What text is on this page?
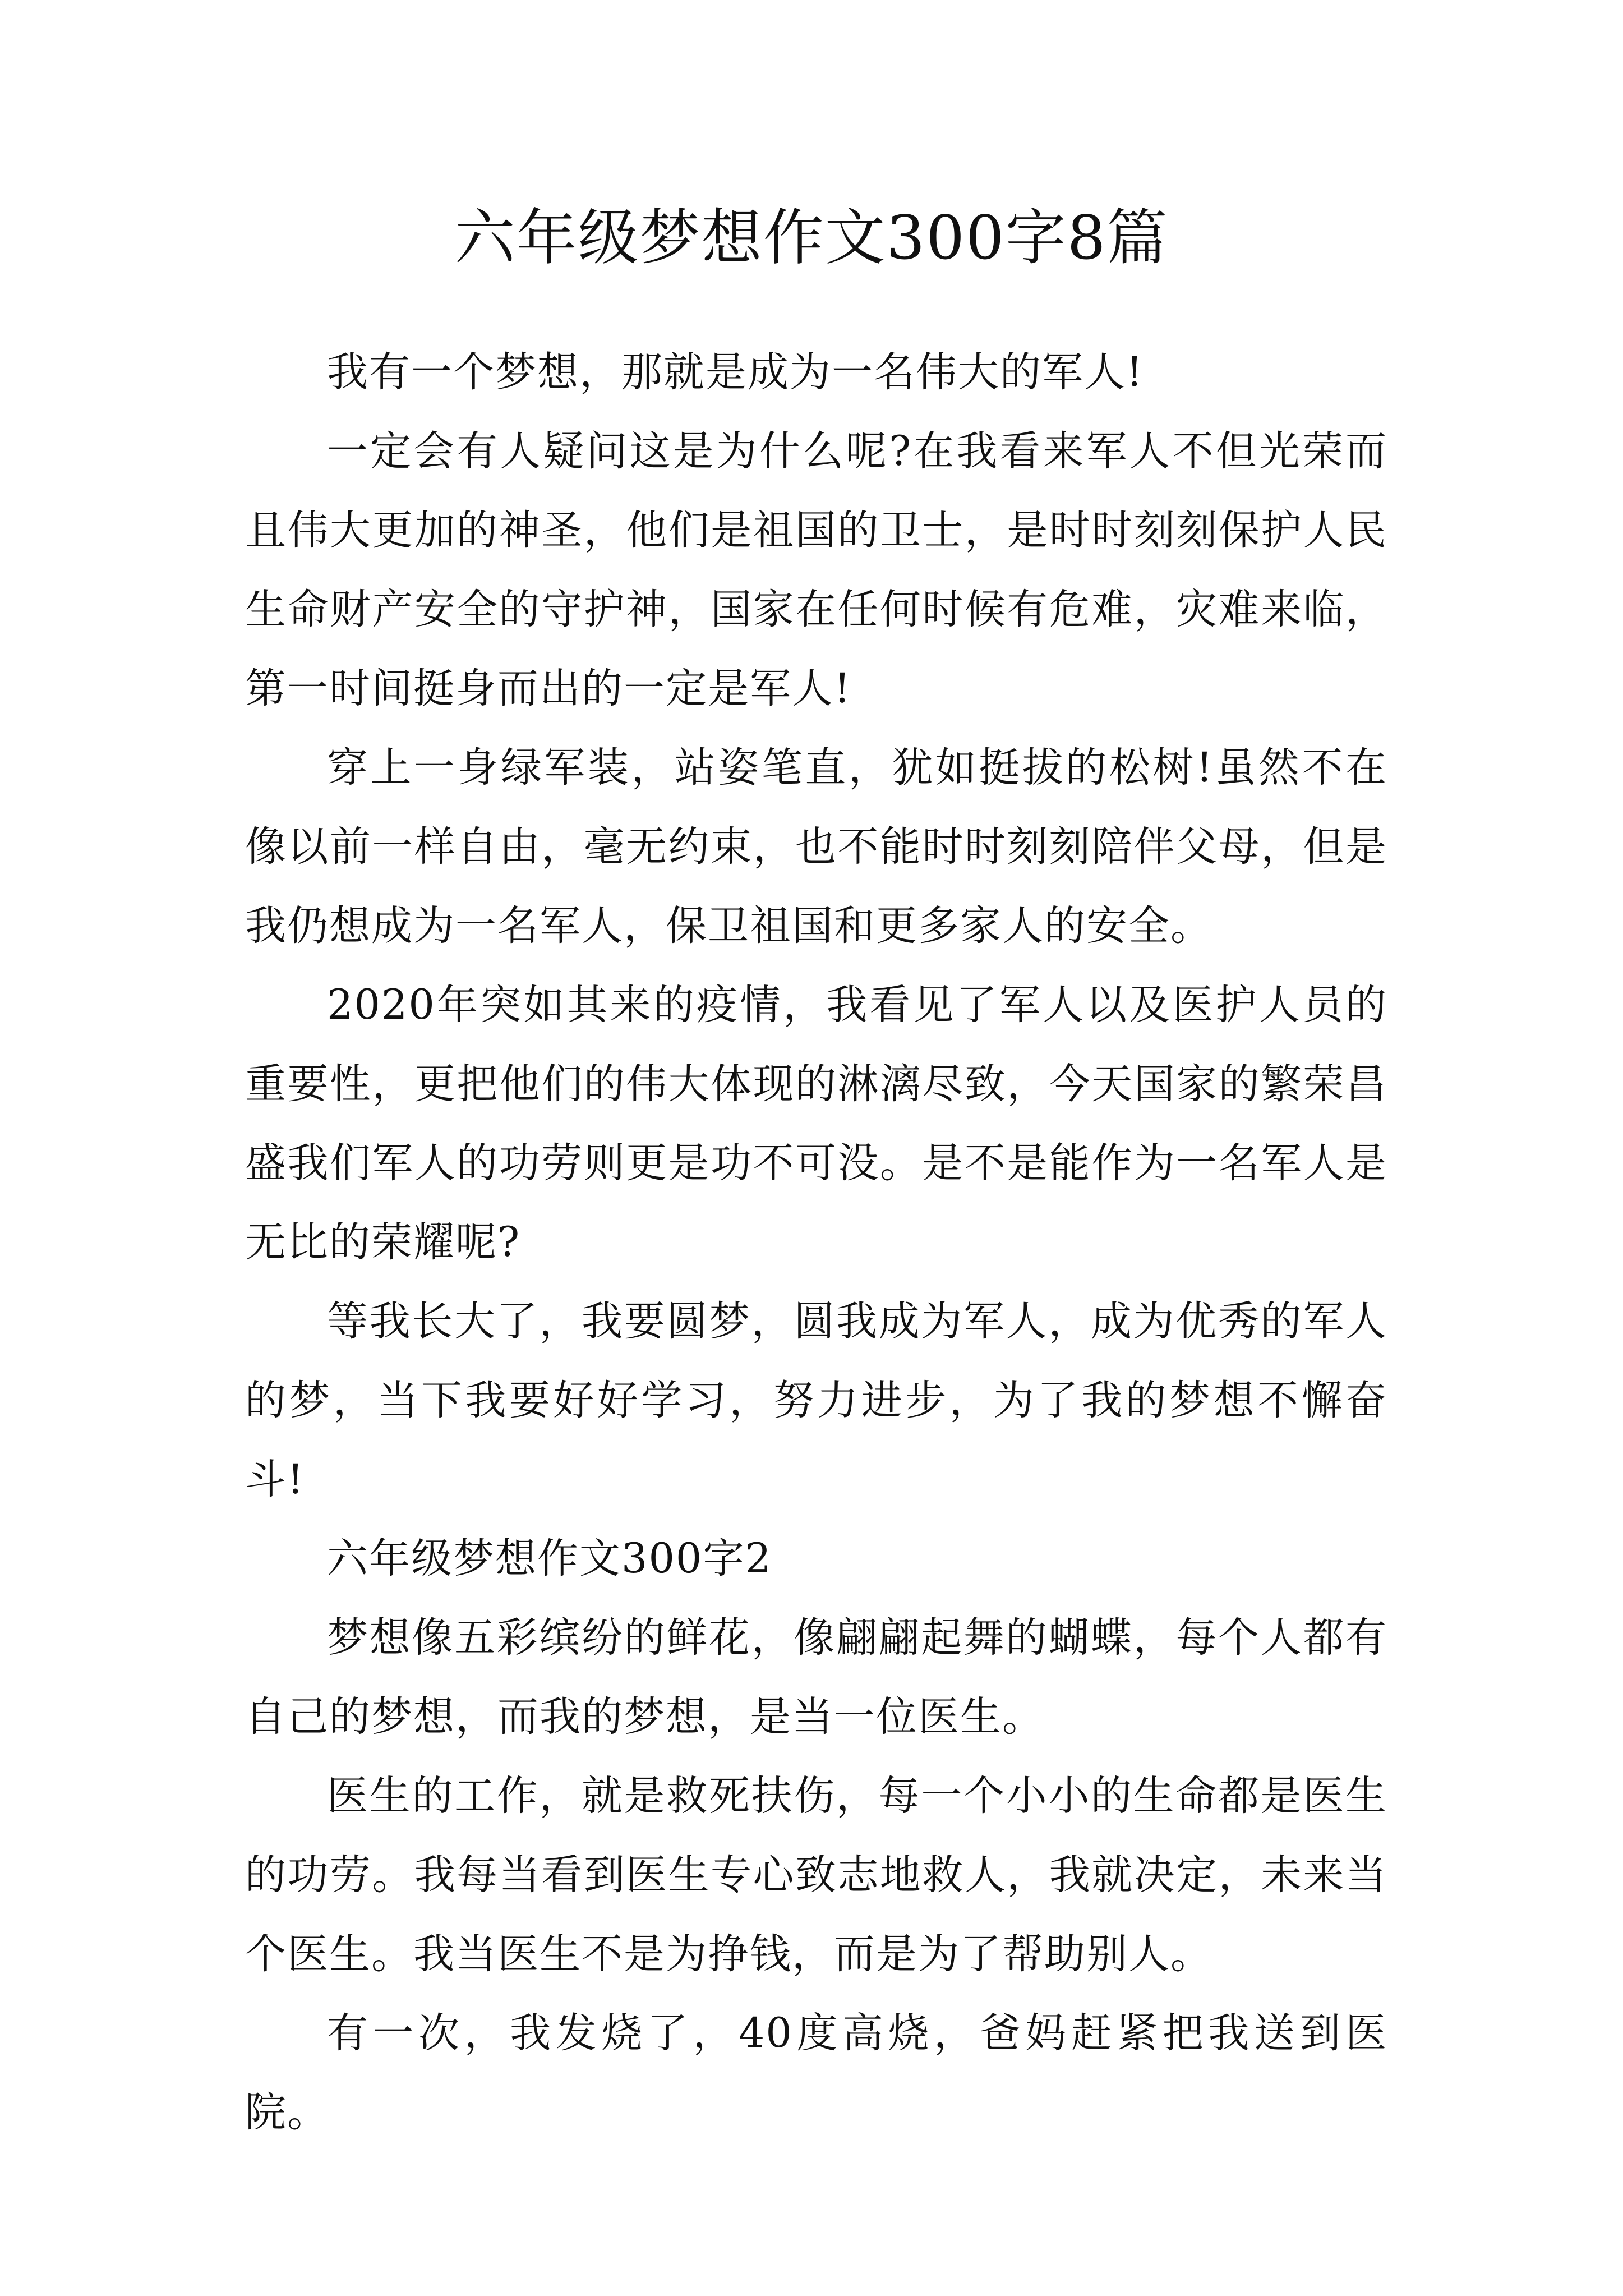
六年级梦想作文300字8篇

我有一个梦想，那就是成为一名伟大的军人!

一定会有人疑问这是为什么呢?在我看来军人不但光荣而且伟大更加的神圣，他们是祖国的卫士，是时时刻刻保护人民生命财产安全的守护神，国家在任何时候有危难，灾难来临，第一时间挺身而出的一定是军人!

穿上一身绿军装，站姿笔直，犹如挺拔的松树!虽然不在像以前一样自由，毫无约束，也不能时时刻刻陪伴父母，但是我仍想成为一名军人，保卫祖国和更多家人的安全。

2020年突如其来的疫情，我看见了军人以及医护人员的重要性，更把他们的伟大体现的淋漓尽致，今天国家的繁荣昌盛我们军人的功劳则更是功不可没。是不是能作为一名军人是无比的荣耀呢?

等我长大了，我要圆梦，圆我成为军人，成为优秀的军人的梦，当下我要好好学习，努力进步，为了我的梦想不懈奋斗!

六年级梦想作文300字2

梦想像五彩缤纷的鲜花，像翩翩起舞的蝴蝶，每个人都有自己的梦想，而我的梦想，是当一位医生。

医生的工作，就是救死扶伤，每一个小小的生命都是医生的功劳。我每当看到医生专心致志地救人，我就决定，未来当个医生。我当医生不是为挣钱，而是为了帮助别人。

有一次，我发烧了，40度高烧，爸妈赶紧把我送到医院。
